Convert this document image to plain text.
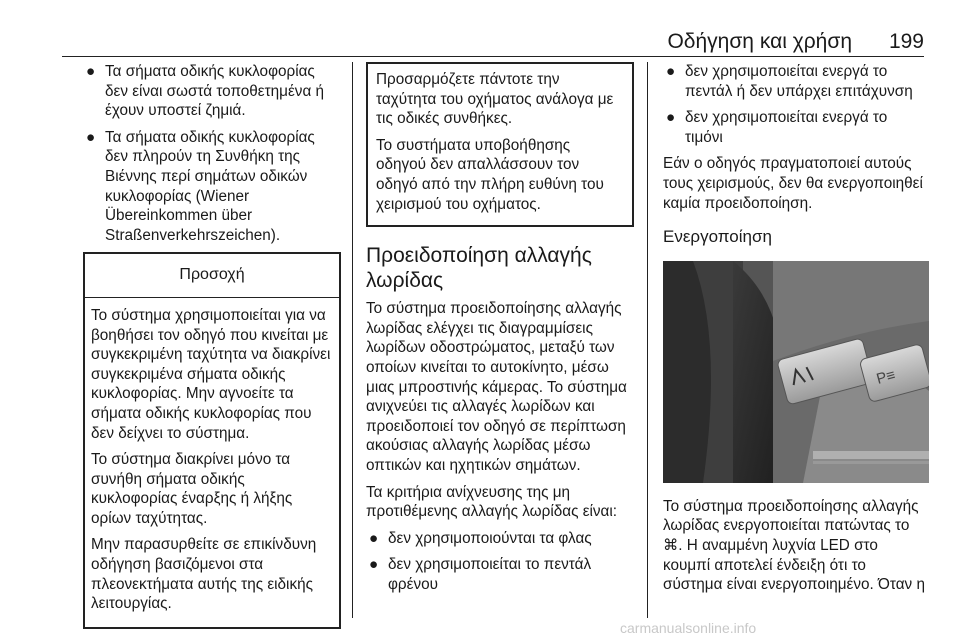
Οδήγηση και χρήση 199
● Τα σήματα οδικής κυκλοφορίας δεν είναι σωστά τοποθετημένα ή έχουν υποστεί ζημιά.
● Τα σήματα οδικής κυκλοφορίας δεν πληρούν τη Συνθήκη της Βιέννης περί σημάτων οδικών κυκλοφορίας (Wiener Übereinkommen über Straßenverkehrszeichen).
Προσοχή

Το σύστημα χρησιμοποιείται για να βοηθήσει τον οδηγό που κινείται με συγκεκριμένη ταχύτητα να διακρίνει συγκεκριμένα σήματα οδικής κυκλοφορίας. Μην αγνοείτε τα σήματα οδικής κυκλοφορίας που δεν δείχνει το σύστημα.

Το σύστημα διακρίνει μόνο τα συνήθη σήματα οδικής κυκλοφορίας έναρξης ή λήξης ορίων ταχύτητας.

Μην παρασυρθείτε σε επικίνδυνη οδήγηση βασιζόμενοι στα πλεονεκτήματα αυτής της ειδικής λειτουργίας.

Προσαρμόζετε πάντοτε την ταχύτητα του οχήματος ανάλογα με τις οδικές συνθήκες.

Το συστήματα υποβοήθησης οδηγού δεν απαλλάσσουν τον οδηγό από την πλήρη ευθύνη του χειρισμού του οχήματος.

Προειδοποίηση αλλαγής λωρίδας

Το σύστημα προειδοποίησης αλλαγής λωρίδας ελέγχει τις διαγραμμίσεις λωρίδων οδοστρώματος, μεταξύ των οποίων κινείται το αυτοκίνητο, μέσω μιας μπροστινής κάμερας. Το σύστημα ανιχνεύει τις αλλαγές λωρίδων και προειδοποιεί τον οδηγό σε περίπτωση ακούσιας αλλαγής λωρίδας μέσω οπτικών και ηχητικών σημάτων.

Τα κριτήρια ανίχνευσης της μη προτιθέμενης αλλαγής λωρίδας είναι:

● δεν χρησιμοποιούνται τα φλας
● δεν χρησιμοποιείται το πεντάλ φρένου
● δεν χρησιμοποιείται ενεργά το πεντάλ ή δεν υπάρχει επιτάχυνση
● δεν χρησιμοποιείται ενεργά το τιμόνι

Εάν ο οδηγός πραγματοποιεί αυτούς τους χειρισμούς, δεν θα ενεργοποιηθεί καμία προειδοποίηση.

Ενεργοποίηση
P≡

Το σύστημα προειδοποίησης αλλαγής λωρίδας ενεργοποιείται πατώντας το ⌘. Η αναμμένη λυχνία LED στο κουμπί αποτελεί ένδειξη ότι το σύστημα είναι ενεργοποιημένο. Όταν η

carmanualsonline.info
